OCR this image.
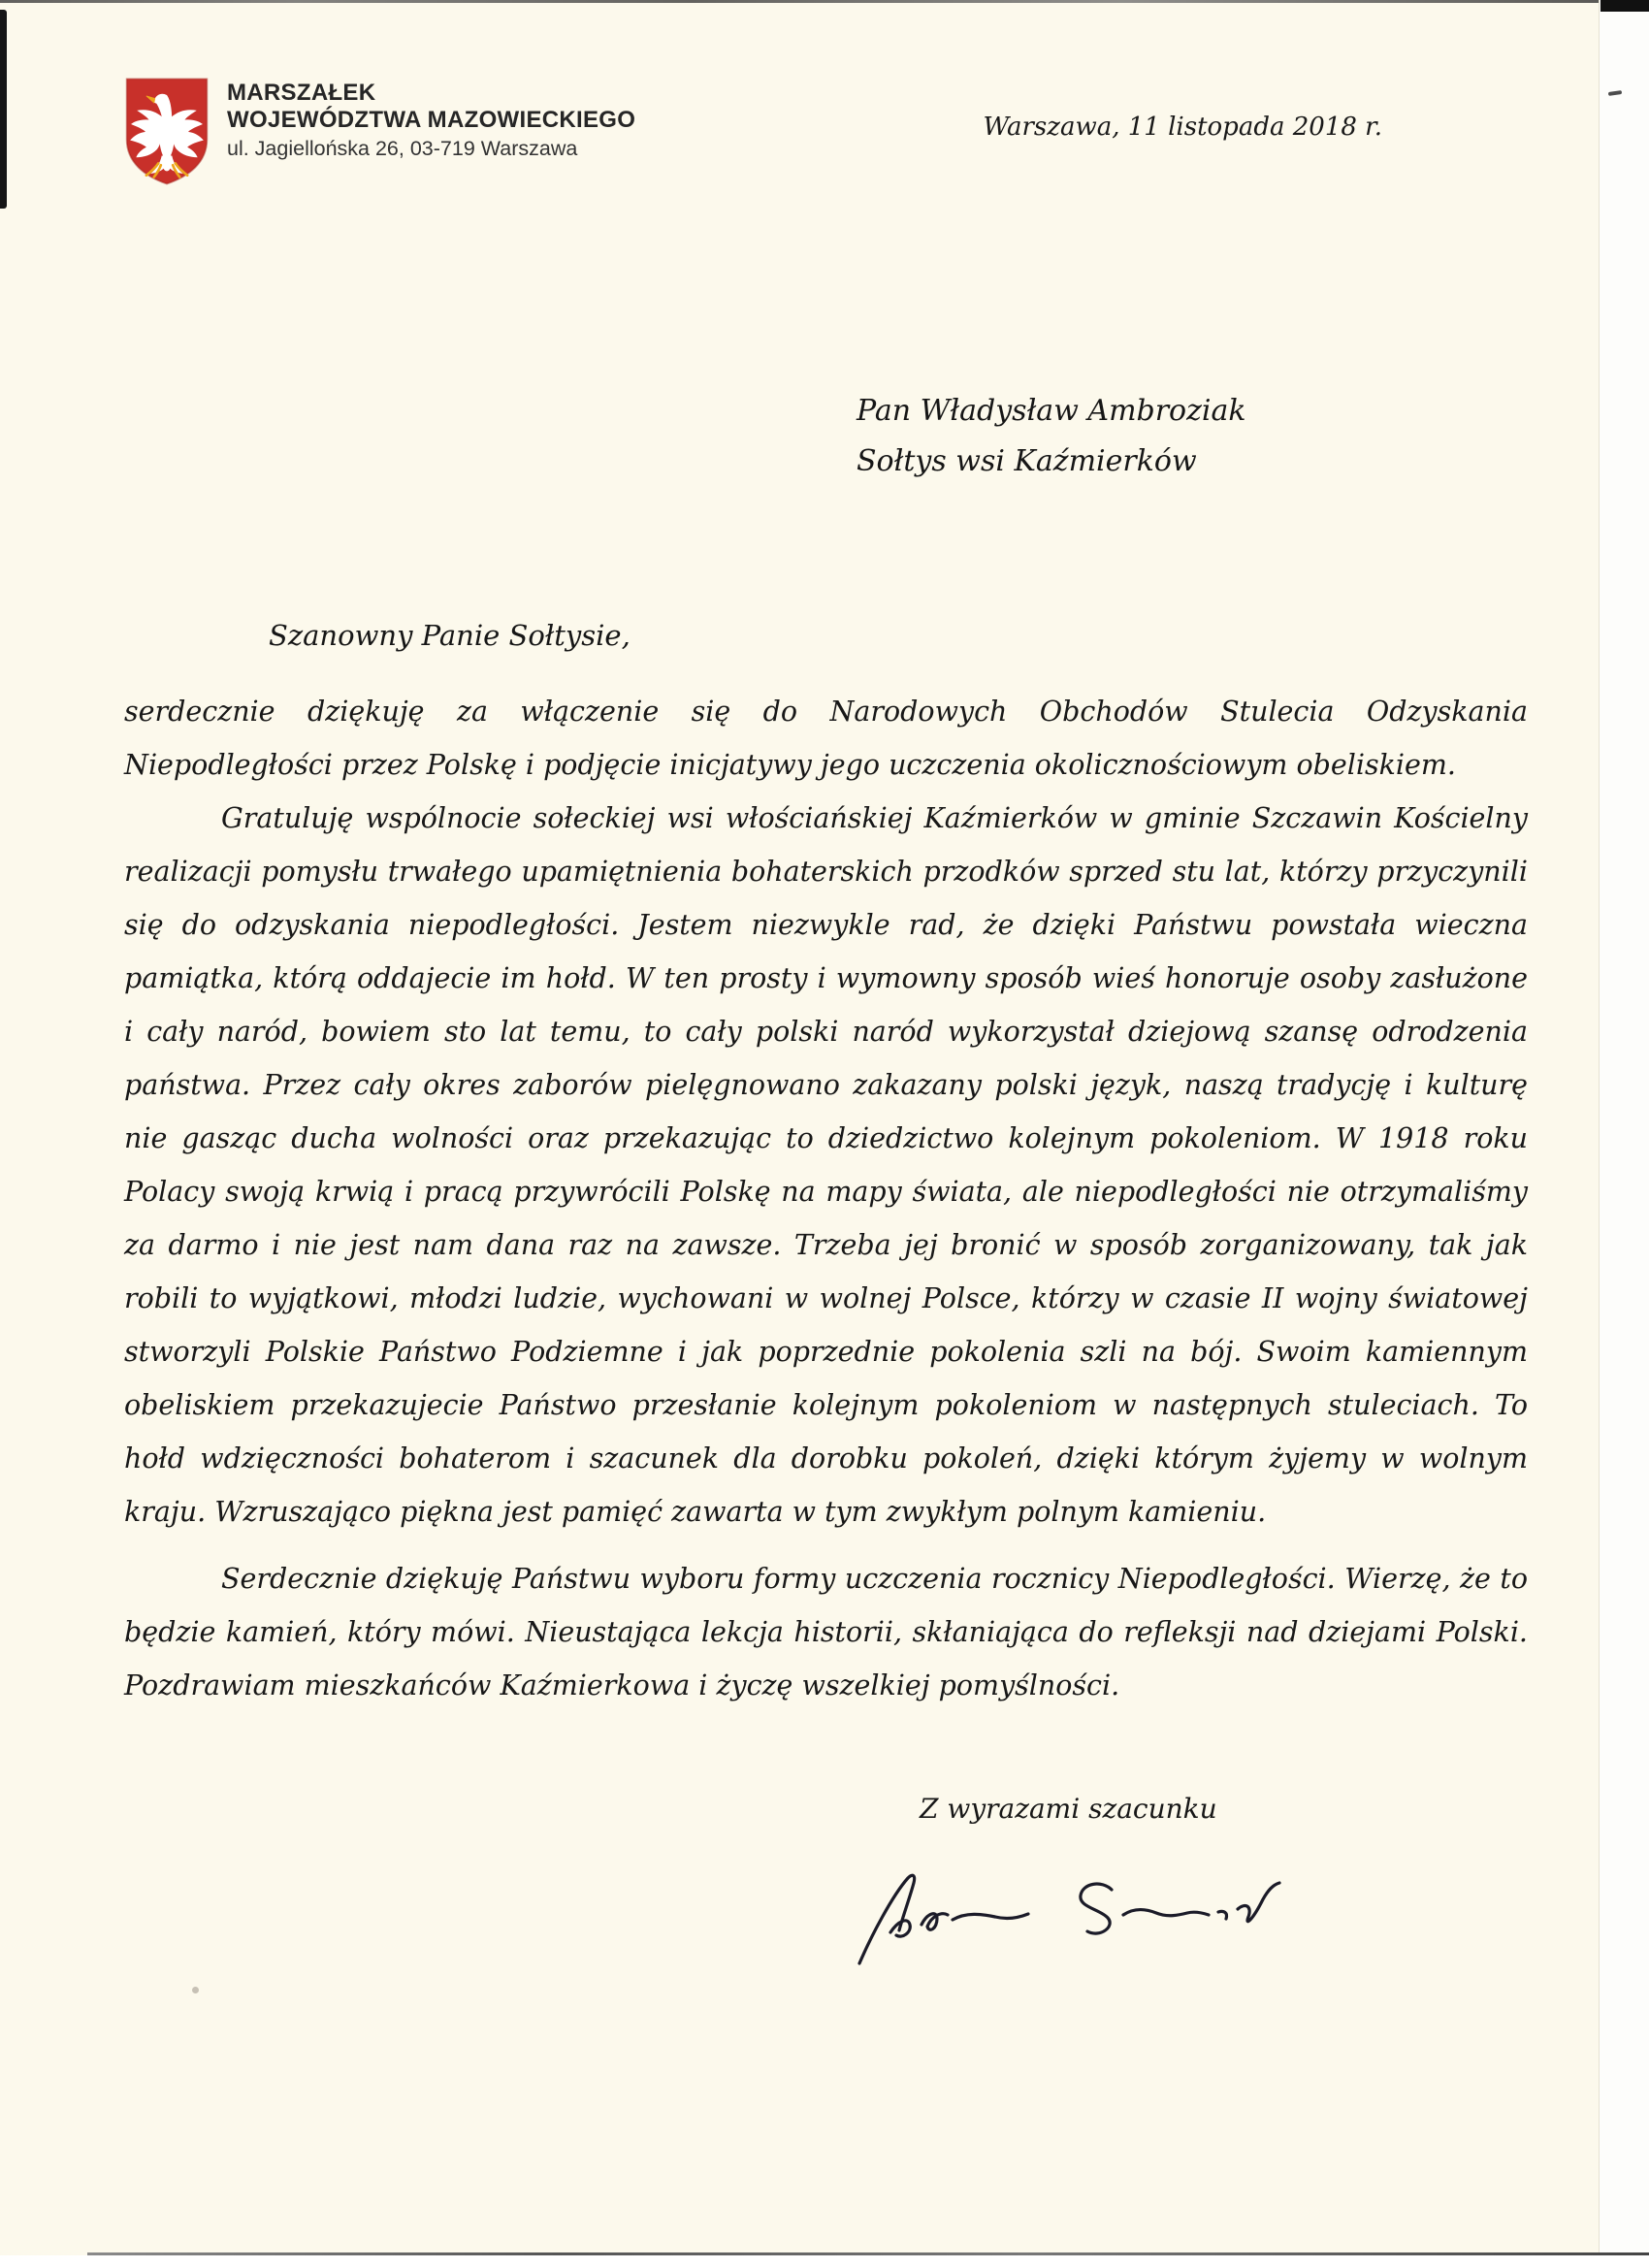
MARSZAŁEK
WOJEWÓDZTWA MAZOWIECKIEGO
ul. Jagiellońska 26, 03-719 Warszawa
Warszawa, 11 listopada 2018 r.
Pan Władysław Ambroziak
Sołtys wsi Kaźmierków
Szanowny Panie Sołtysie,

serdecznie dziękuję za włączenie się do Narodowych Obchodów Stulecia Odzyskania Niepodległości przez Polskę i podjęcie inicjatywy jego uczczenia okolicznościowym obeliskiem.

Gratuluję wspólnocie sołeckiej wsi włościańskiej Kaźmierków w gminie Szczawin Kościelny realizacji pomysłu trwałego upamiętnienia bohaterskich przodków sprzed stu lat, którzy przyczynili się do odzyskania niepodległości. Jestem niezwykle rad, że dzięki Państwu powstała wieczna pamiątka, którą oddajecie im hołd. W ten prosty i wymowny sposób wieś honoruje osoby zasłużone i cały naród, bowiem sto lat temu, to cały polski naród wykorzystał dziejową szansę odrodzenia państwa. Przez cały okres zaborów pielęgnowano zakazany polski język, naszą tradycję i kulturę nie gasząc ducha wolności oraz przekazując to dziedzictwo kolejnym pokoleniom. W 1918 roku Polacy swoją krwią i pracą przywrócili Polskę na mapy świata, ale niepodległości nie otrzymaliśmy za darmo i nie jest nam dana raz na zawsze. Trzeba jej bronić w sposób zorganizowany, tak jak robili to wyjątkowi, młodzi ludzie, wychowani w wolnej Polsce, którzy w czasie II wojny światowej stworzyli Polskie Państwo Podziemne i jak poprzednie pokolenia szli na bój. Swoim kamiennym obeliskiem przekazujecie Państwo przesłanie kolejnym pokoleniom w następnych stuleciach. To hołd wdzięczności bohaterom i szacunek dla dorobku pokoleń, dzięki którym żyjemy w wolnym kraju. Wzruszająco piękna jest pamięć zawarta w tym zwykłym polnym kamieniu.

Serdecznie dziękuję Państwu wyboru formy uczczenia rocznicy Niepodległości. Wierzę, że to będzie kamień, który mówi. Nieustająca lekcja historii, skłaniająca do refleksji nad dziejami Polski. Pozdrawiam mieszkańców Kaźmierkowa i życzę wszelkiej pomyślności.

Z wyrazami szacunku
